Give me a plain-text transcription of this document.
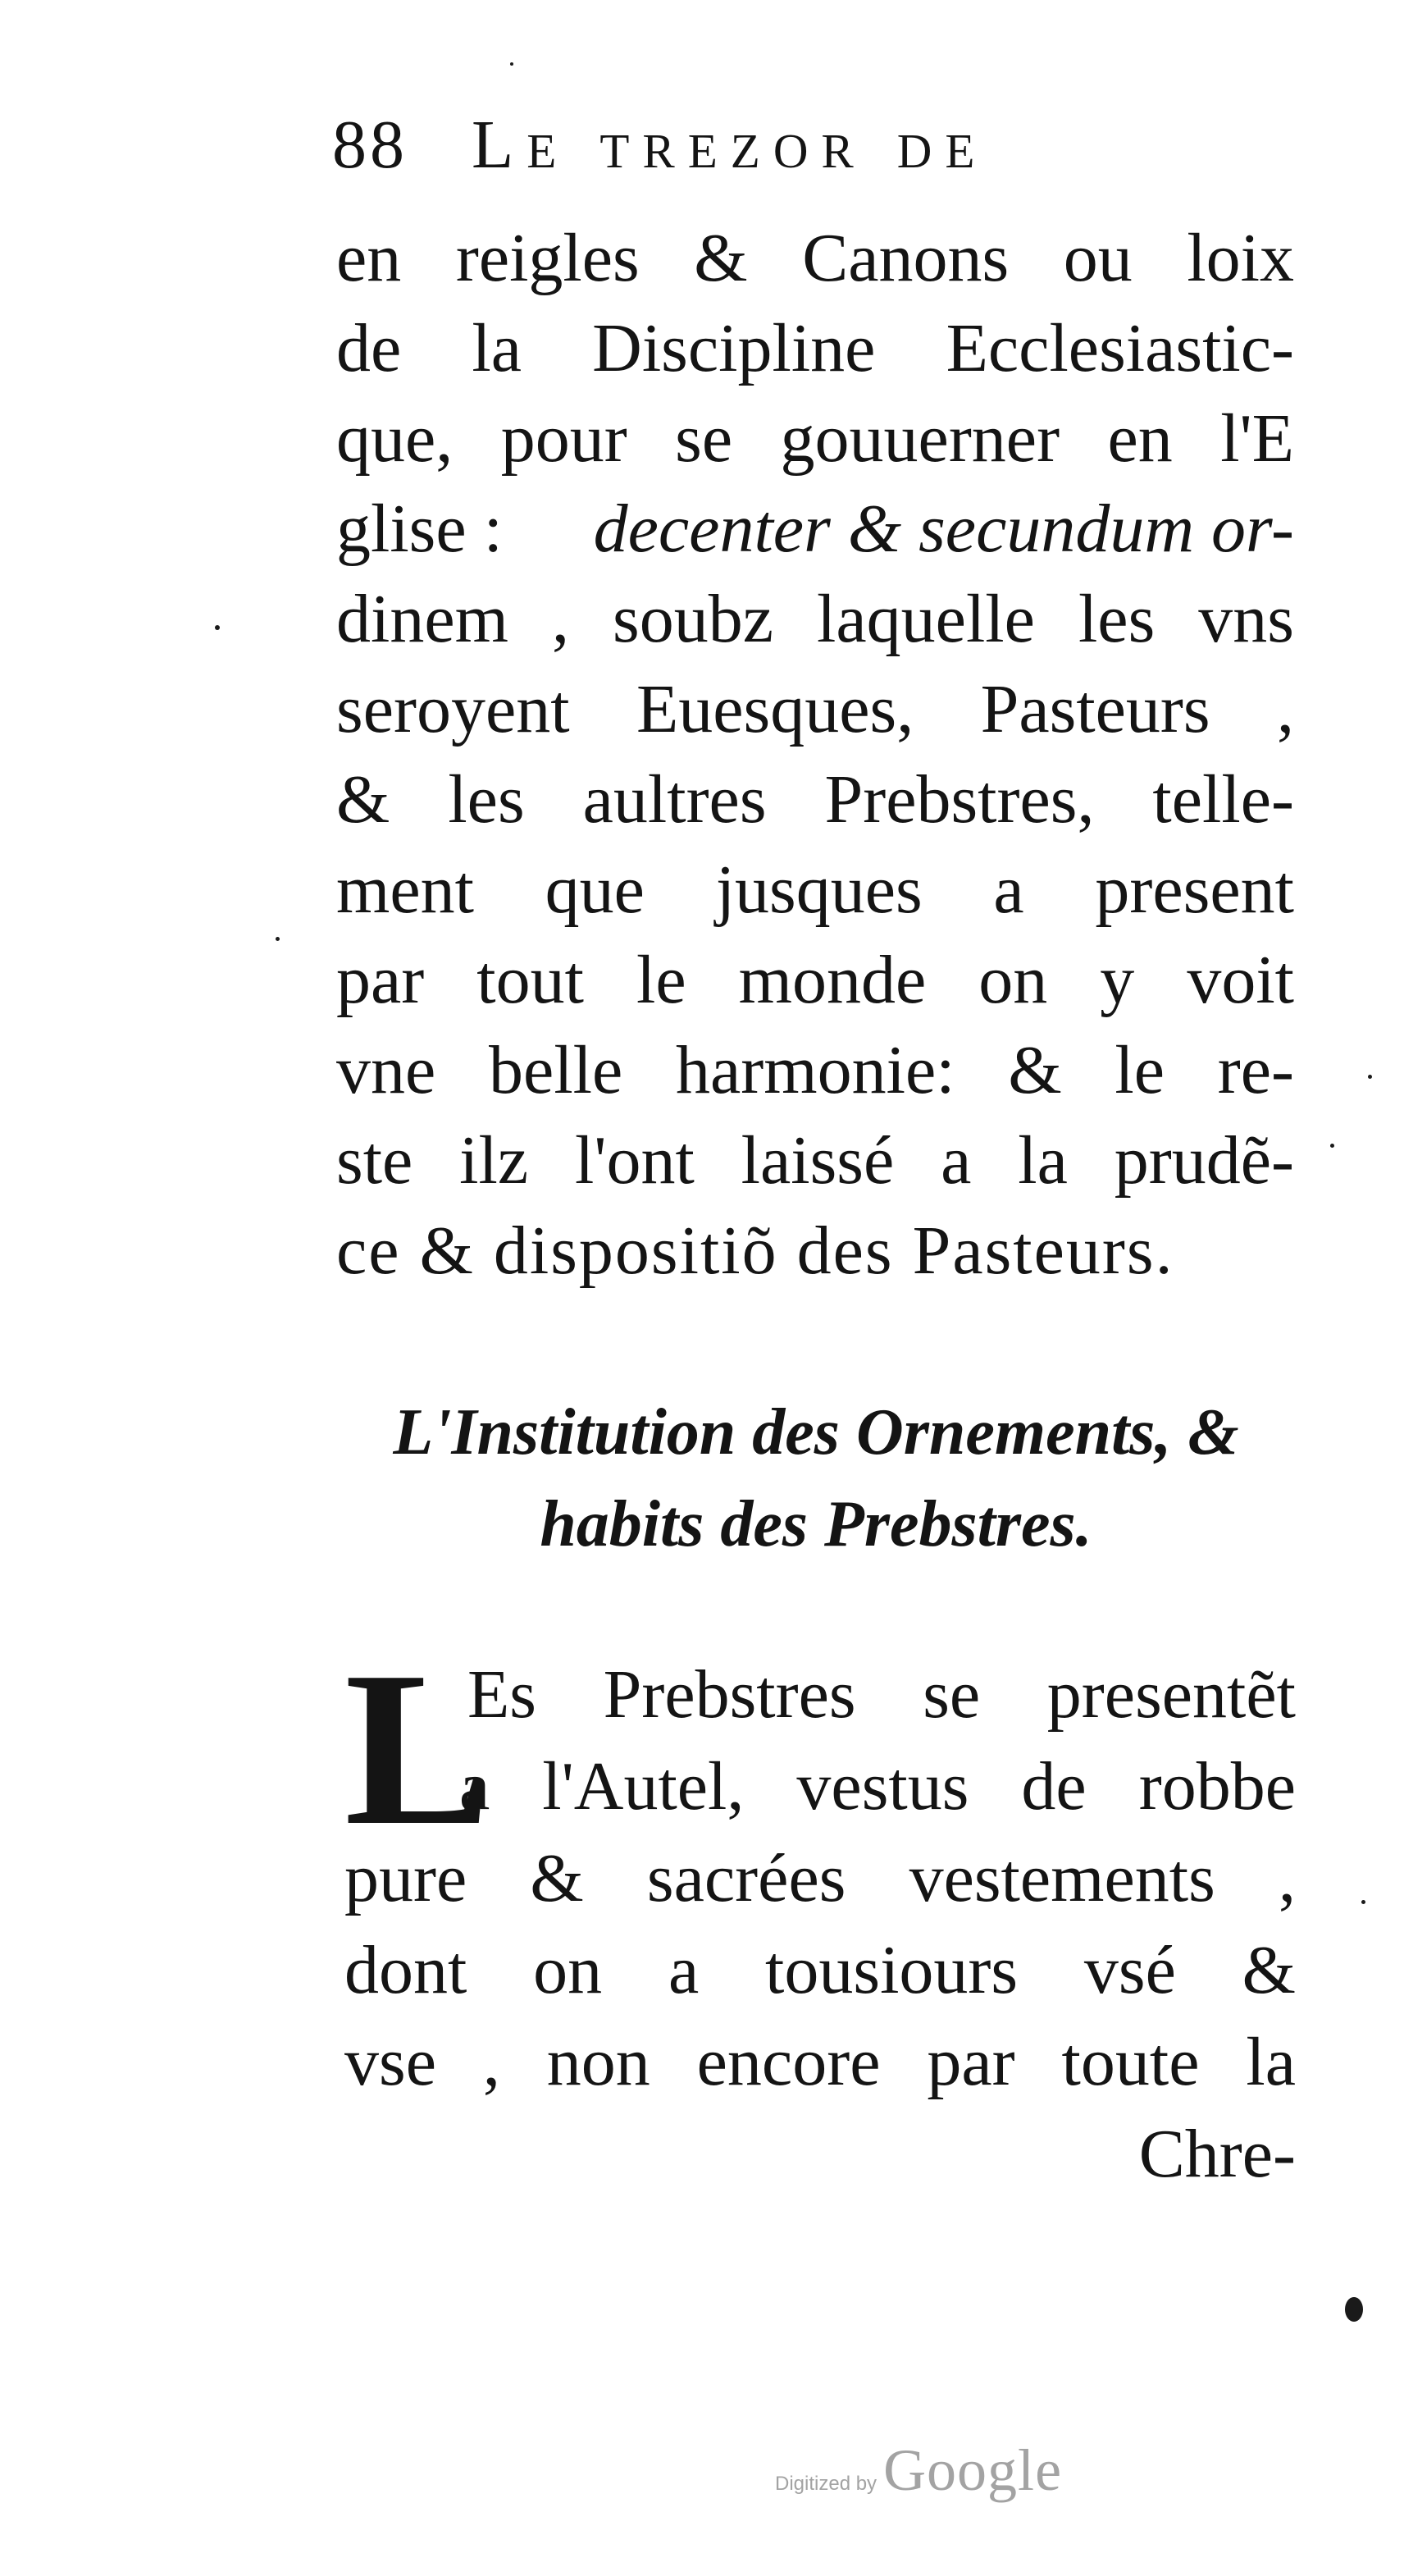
88 Le trezor de
en reigles & Canons ou loix
de la Discipline Ecclesiastic-
que, pour se gouuerner en l'E
glise : decenter & secundum or-
dinem , soubz laquelle les vns
seroyent Euesques, Pasteurs ,
& les aultres Prebstres, telle-
ment que jusques a present
par tout le monde on y voit
vne belle harmonie: & le re-
ste ilz l'ont laissé a la prudẽ-
ce & dispositiõ des Pasteurs.
L'Institution des Ornements, &
habits des Prebstres.
L
Es Prebstres se presentẽt
a l'Autel, vestus de robbe
pure & sacrées vestements ,
dont on a tousiours vsé &
vse , non encore par toute la
Chre-
Digitized by Google
